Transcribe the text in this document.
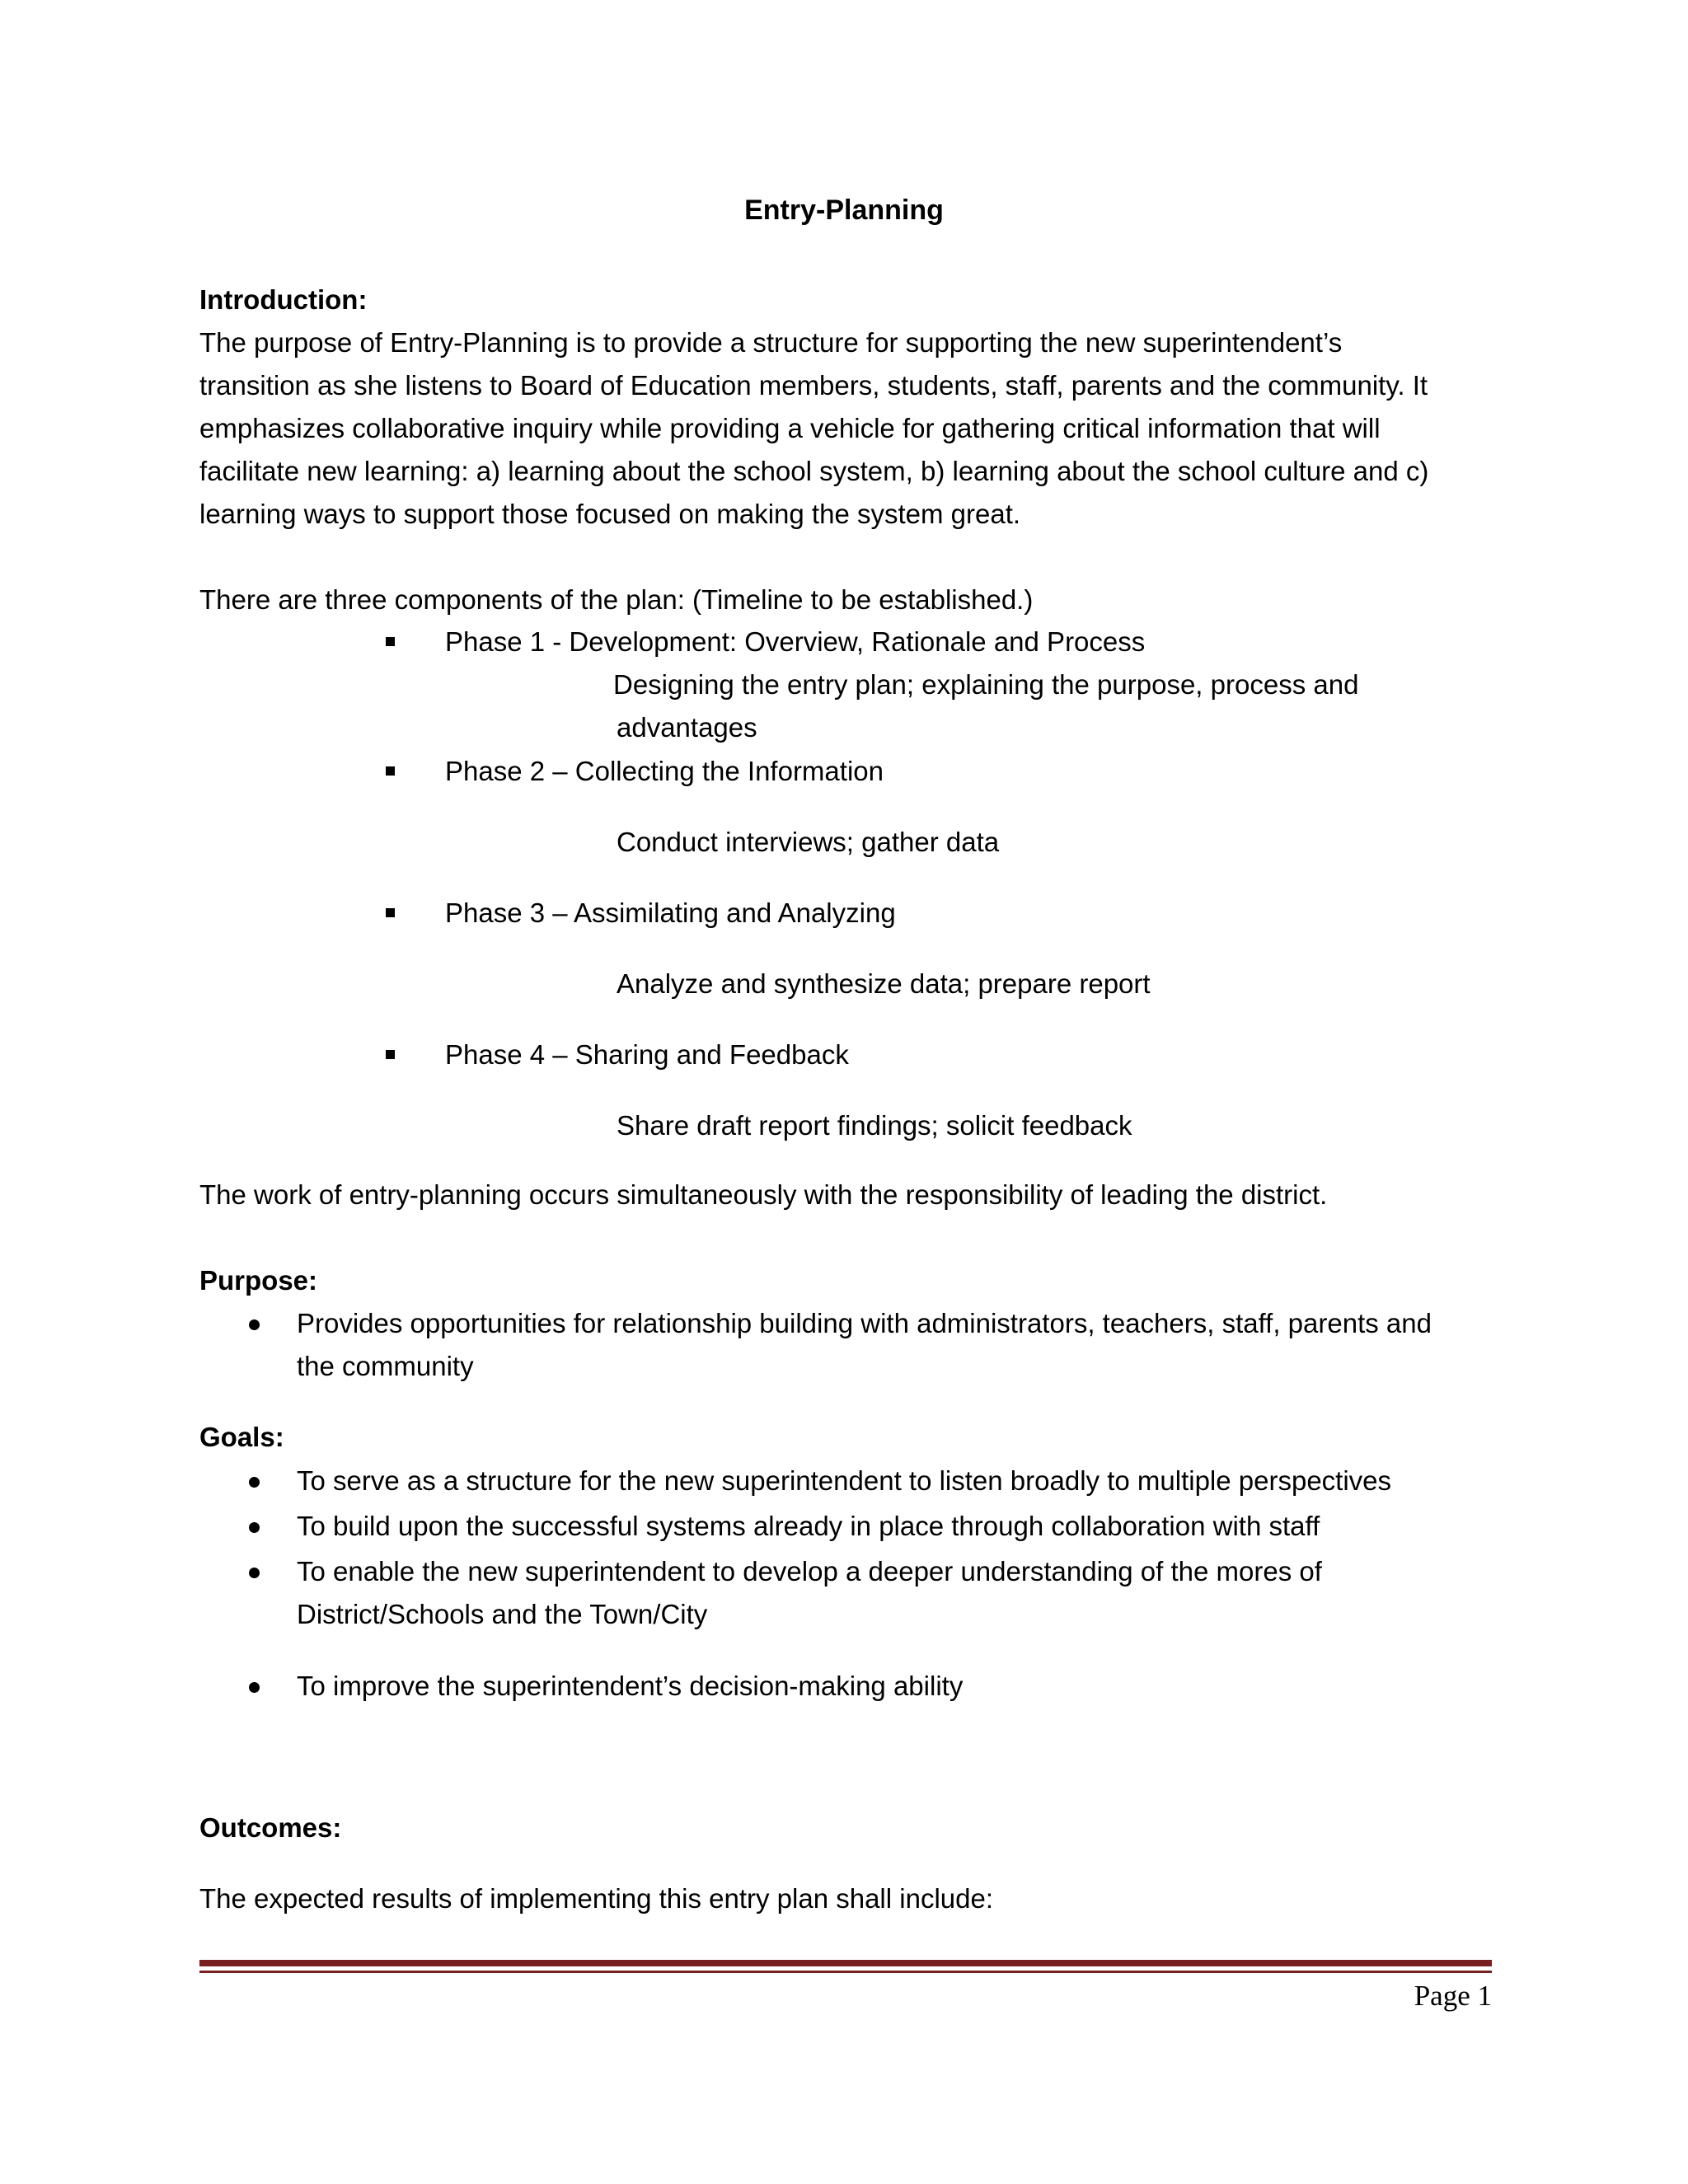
Entry-Planning
Introduction:
The purpose of Entry-Planning is to provide a structure for supporting the new superintendent’s
transition as she listens to Board of Education members, students, staff, parents and the community. It
emphasizes collaborative inquiry while providing a vehicle for gathering critical information that will
facilitate new learning: a) learning about the school system, b) learning about the school culture and c)
learning ways to support those focused on making the system great.
There are three components of the plan: (Timeline to be established.)
Phase 1 - Development: Overview, Rationale and Process
Designing the entry plan; explaining the purpose, process and
advantages
Phase 2 – Collecting the Information
Conduct interviews; gather data
Phase 3 – Assimilating and Analyzing
Analyze and synthesize data; prepare report
Phase 4 – Sharing and Feedback
Share draft report findings; solicit feedback
The work of entry-planning occurs simultaneously with the responsibility of leading the district.
Purpose:
Provides opportunities for relationship building with administrators, teachers, staff, parents and
the community
Goals:
To serve as a structure for the new superintendent to listen broadly to multiple perspectives
To build upon the successful systems already in place through collaboration with staff
To enable the new superintendent to develop a deeper understanding of the mores of
District/Schools and the Town/City
To improve the superintendent’s decision-making ability
Outcomes:
The expected results of implementing this entry plan shall include:
Page 1
